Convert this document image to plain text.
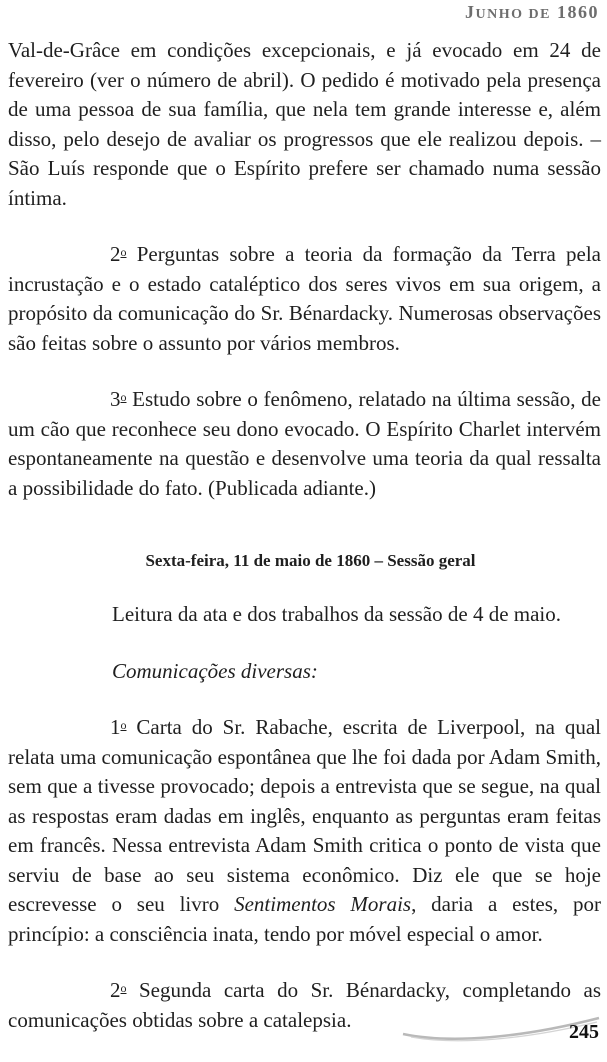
JUNHO DE 1860

Val-de-Grâce em condições excepcionais, e já evocado em 24 de fevereiro (ver o número de abril). O pedido é motivado pela presença de uma pessoa de sua família, que nela tem grande interesse e, além disso, pelo desejo de avaliar os progressos que ele realizou depois. – São Luís responde que o Espírito prefere ser chamado numa sessão íntima.

2$^o$ Perguntas sobre a teoria da formação da Terra pela incrustação e o estado cataléptico dos seres vivos em sua origem, a propósito da comunicação do Sr. Bénardacky. Numerosas observações são feitas sobre o assunto por vários membros.

3$^o$ Estudo sobre o fenômeno, relatado na última sessão, de um cão que reconhece seu dono evocado. O Espírito Charlet intervém espontaneamente na questão e desenvolve uma teoria da qual ressalta a possibilidade do fato. (Publicada adiante.)

Sexta-feira, 11 de maio de 1860 – Sessão geral

Leitura da ata e dos trabalhos da sessão de 4 de maio.

Comunicações diversas:

1$^o$ Carta do Sr. Rabache, escrita de Liverpool, na qual relata uma comunicação espontânea que lhe foi dada por Adam Smith, sem que a tivesse provocado; depois a entrevista que se segue, na qual as respostas eram dadas em inglês, enquanto as perguntas eram feitas em francês. Nessa entrevista Adam Smith critica o ponto de vista que serviu de base ao seu sistema econômico. Diz ele que se hoje escrevesse o seu livro Sentimentos Morais, daria a estes, por princípio: a consciência inata, tendo por móvel especial o amor.

2$^o$ Segunda carta do Sr. Bénardacky, completando as comunicações obtidas sobre a catalepsia.

245
